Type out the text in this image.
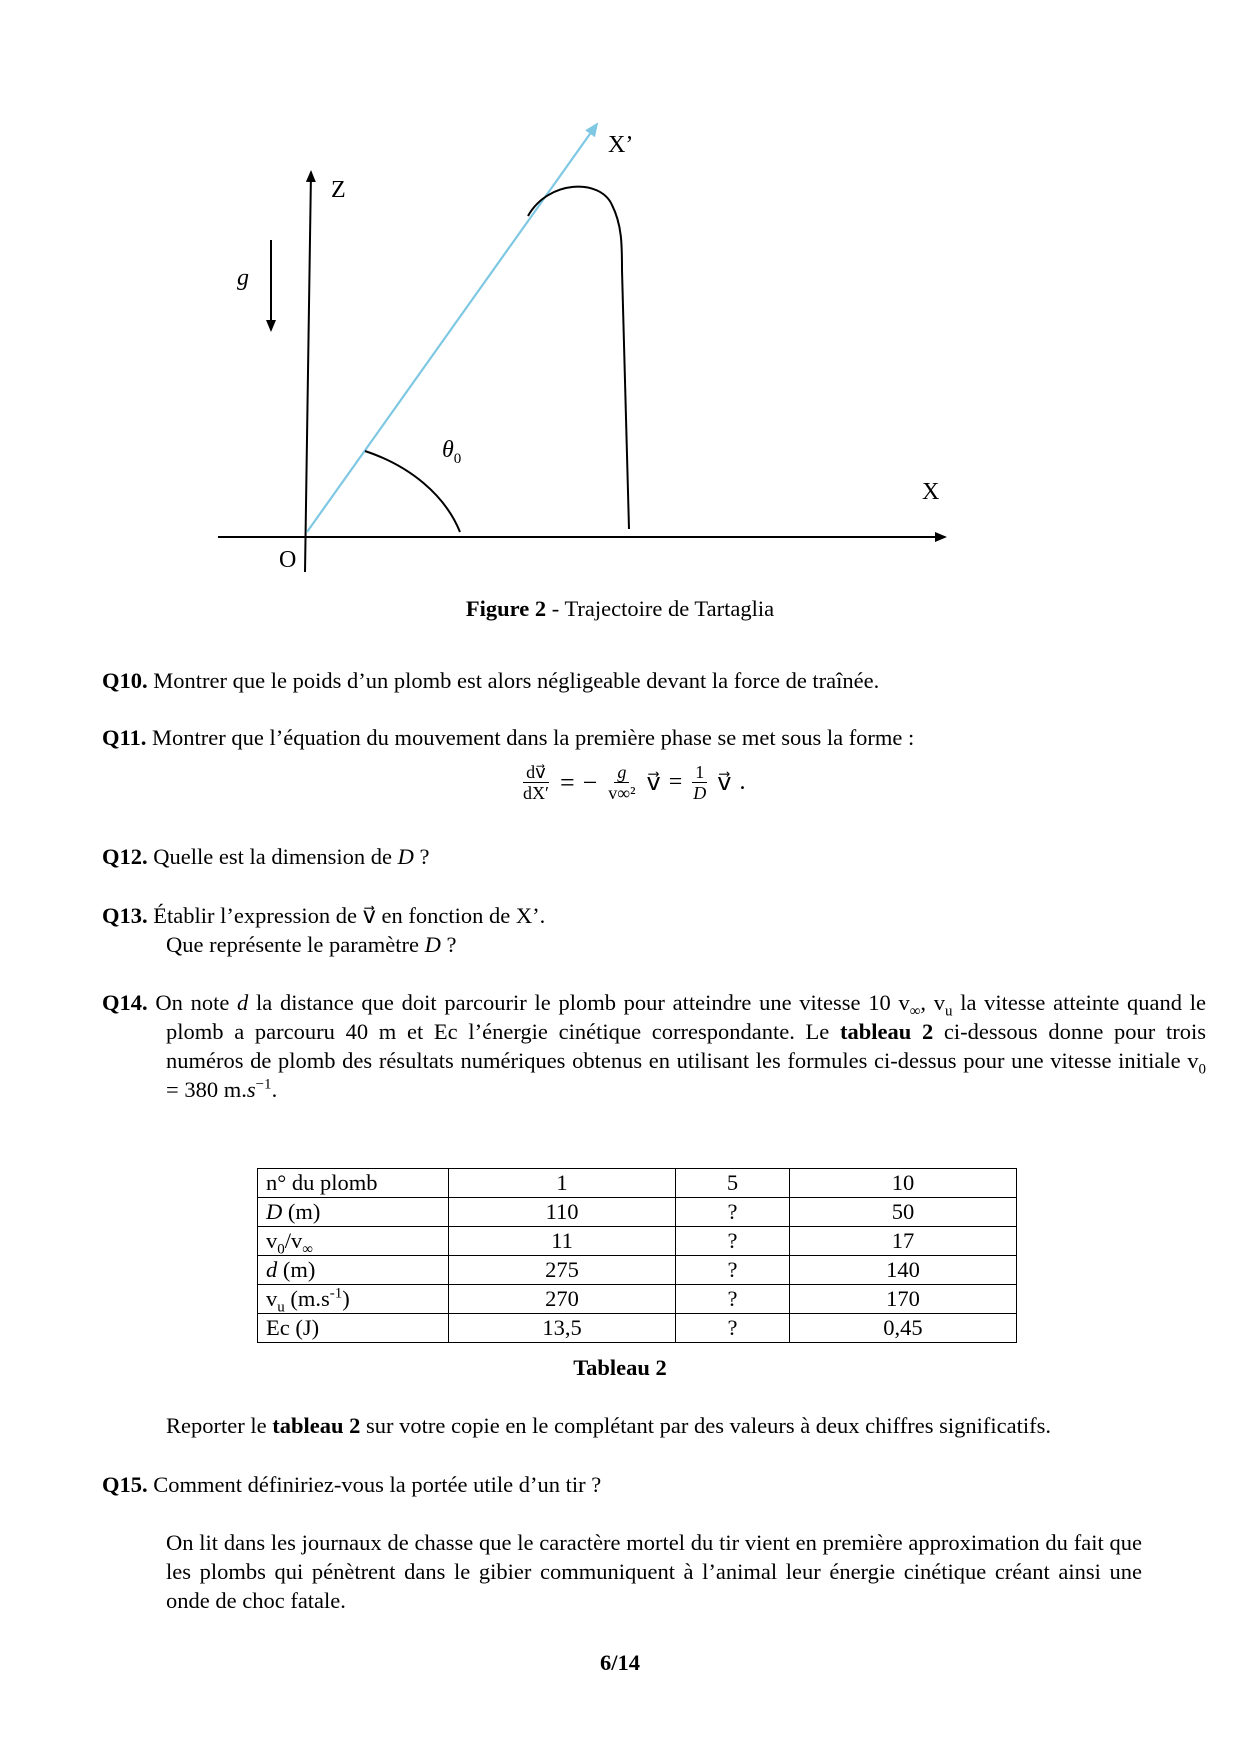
X’
Z
g⃗
$\theta_0$
X
O
Figure 2 - Trajectoire de Tartaglia
Q10. Montrer que le poids d’un plomb est alors négligeable devant la force de traînée.
Q11. Montrer que l’équation du mouvement dans la première phase se met sous la forme :
$\frac{dv⃗}{dX'}$ = − $\frac{g}{\text{v∞²}}$ v⃗ = $\frac{1}{D}$ v⃗ .
Q12. Quelle est la dimension de D ?
Q13. Établir l’expression de v⃗ en fonction de X’.
Que représente le paramètre D ?
Q14. On note d la distance que doit parcourir le plomb pour atteindre une vitesse 10 $v_\infty$, $v_u$ la vitesse atteinte quand le plomb a parcouru 40 m et Ec l’énergie cinétique correspondante. Le tableau 2 ci-dessous donne pour trois numéros de plomb des résultats numériques obtenus en utilisant les formules ci-dessus pour une vitesse initiale $v_0 = 380$ $m.s^{-1}$.
n° du plomb	1	5	10
D (m)	110	?	50
$v_0/v_\infty$	11	?	17
d (m)	275	?	140
$v_u$ $(m.s^{-1})$	270	?	170
Ec (J)	13,5	?	0,45
Tableau 2
Reporter le tableau 2 sur votre copie en le complétant par des valeurs à deux chiffres significatifs.
Q15. Comment définiriez-vous la portée utile d’un tir ?
On lit dans les journaux de chasse que le caractère mortel du tir vient en première approximation du fait que les plombs qui pénètrent dans le gibier communiquent à l’animal leur énergie cinétique créant ainsi une onde de choc fatale.
6/14
